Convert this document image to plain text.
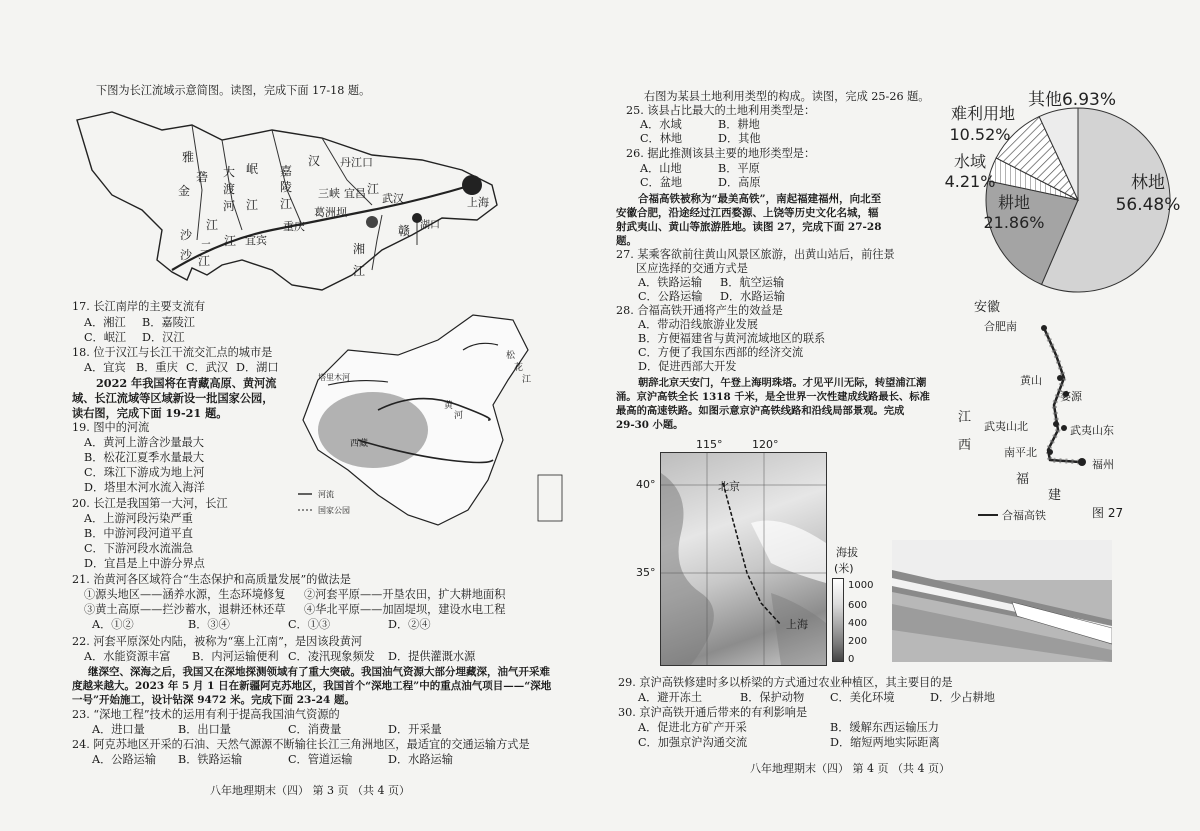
下图为长江流域示意简图。读图，完成下面 17-18 题。
雅
砻
金
沙
大
渡
河
岷
江
嘉
陵
江
汉 丹江口
三峡 宜昌
葛洲坝
江
武汉	上海
湖口
赣
湘
江
重庆
宜宾
江
江
沙
二
江
17. 长江南岸的主要支流有
A．湘江 B．嘉陵江
C．岷江 D．汉江
18. 位于汉江与长江干流交汇点的城市是
A．宜宾 B．重庆 C．武汉 D．湖口
2022 年我国将在青藏高原、黄河流
域、长江流域等区域新设一批国家公园，
读右图，完成下面 19-21 题。
西藏
松
花
江
黄
河
塔里木河
河流
国家公园
19. 图中的河流
A．黄河上游含沙量最大
B．松花江夏季水量最大
C．珠江下游成为地上河
D．塔里木河水流入海洋
20. 长江是我国第一大河，长江
A．上游河段污染严重
B．中游河段河道平直
C．下游河段水流湍急
D．宜昌是上中游分界点
21. 治黄河各区域符合“生态保护和高质量发展”的做法是
①源头地区——涵养水源，生态环境修复 ②河套平原——开垦农田，扩大耕地面积
③黄土高原——拦沙蓄水，退耕还林还草 ④华北平原——加固堤坝，建设水电工程
A．①②	B．③④	C．①③	D．②④
22. 河套平原深处内陆，被称为“塞上江南”，是因该段黄河
A．水能资源丰富 B．内河运输便利 C．凌汛现象频发 D．提供灌溉水源
继深空、深海之后，我国又在深地探测领域有了重大突破。我国油气资源大部分埋藏深，油气开采难
度越来越大。2023 年 5 月 1 日在新疆阿克苏地区，我国首个“深地工程”中的重点油气项目——“深地
一号”开始施工，设计钻深 9472 米。完成下面 23-24 题。
23. “深地工程”技术的运用有利于提高我国油气资源的
A．进口量	B．出口量	C．消费量	D．开采量
24. 阿克苏地区开采的石油、天然气源源不断输往长江三角洲地区，最适宜的交通运输方式是
A．公路运输 B．铁路运输	C．管道运输	D．水路运输
八年地理期末（四） 第 3 页 （共 4 页）
右图为某县土地利用类型的构成。读图，完成 25-26 题。
25. 该县占比最大的土地利用类型是：
A．水域	B．耕地
C．林地	D．其他
26. 据此推测该县主要的地形类型是：
A．山地	B．平原
C．盆地	D．高原
合福高铁被称为“最美高铁”，南起福建福州，向北至
安徽合肥，沿途经过江西婺源、上饶等历史文化名城，辐
射武夷山、黄山等旅游胜地。读图 27，完成下面 27-28
题。
27. 某乘客欲前往黄山风景区旅游，出黄山站后，前往景
区应选择的交通方式是
A．铁路运输 B．航空运输
C．公路运输 D．水路运输
28. 合福高铁开通将产生的效益是
A．带动沿线旅游业发展
B．方便福建省与黄河流域地区的联系
C．方便了我国东西部的经济交流
D．促进西部大开发
朝辞北京天安门，午登上海明珠塔。才见平川无际，转望浦江潮
涌。京沪高铁全长 1318 千米，是全世界一次性建成线路最长、标准
最高的高速铁路。如图示意京沪高铁线路和沿线局部景观。完成
29-30 小题。
林地
56.48%
耕地
21.86%
水域
4.21%
难利用地
10.52%
其他6.93%
安徽
合肥南
黄山
婺源
武夷山北	武夷山东
南平北
福州
江
西
福
建
合福高铁	图 27
115°	120°
40°
35°
北京
上海
海拔
(米)
1000
600
400
200
0
29. 京沪高铁修建时多以桥梁的方式通过农业种植区，其主要目的是
A．避开冻土	B．保护动物 C．美化环境	D．少占耕地
30. 京沪高铁开通后带来的有利影响是
A．促进北方矿产开采	B．缓解东西运输压力
C．加强京沪沟通交流	D．缩短两地实际距离
八年地理期末（四） 第 4 页 （共 4 页）
